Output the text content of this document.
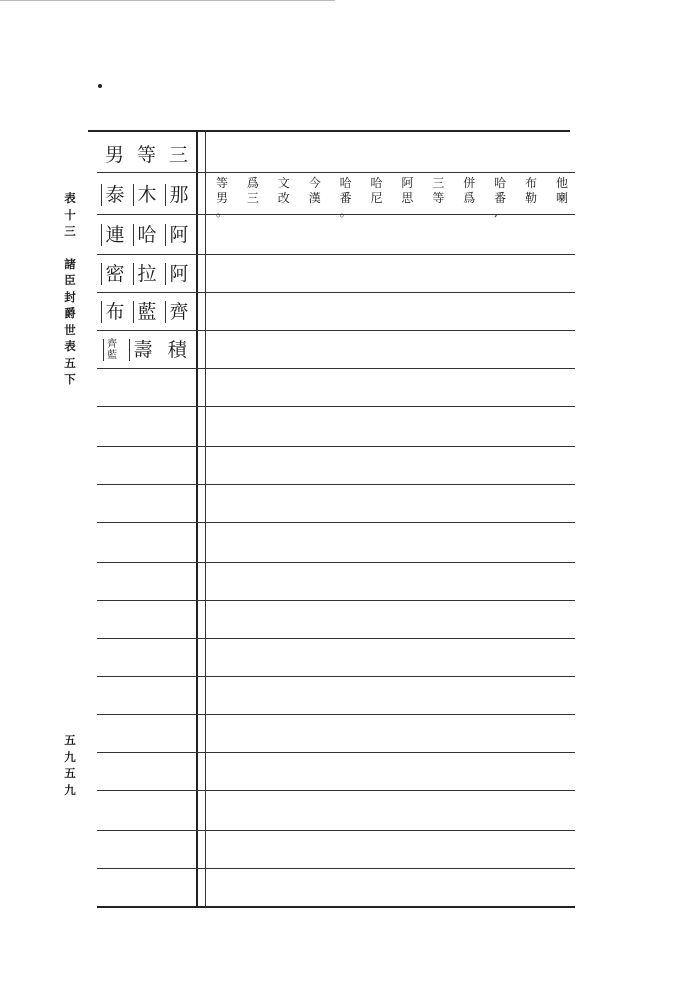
表
十
三
諸
臣
封
爵
世
表
五
下
五
九
五
九
男 等 三
泰 木 那
連 哈 阿
密 拉 阿
布 藍 齊
齊
藍 壽 積
他
喇
布
勒
哈
番
,
併
爲
三
等
阿
思
哈
尼
哈
番
。
今
漢
文
改
爲
三
等
男
。
